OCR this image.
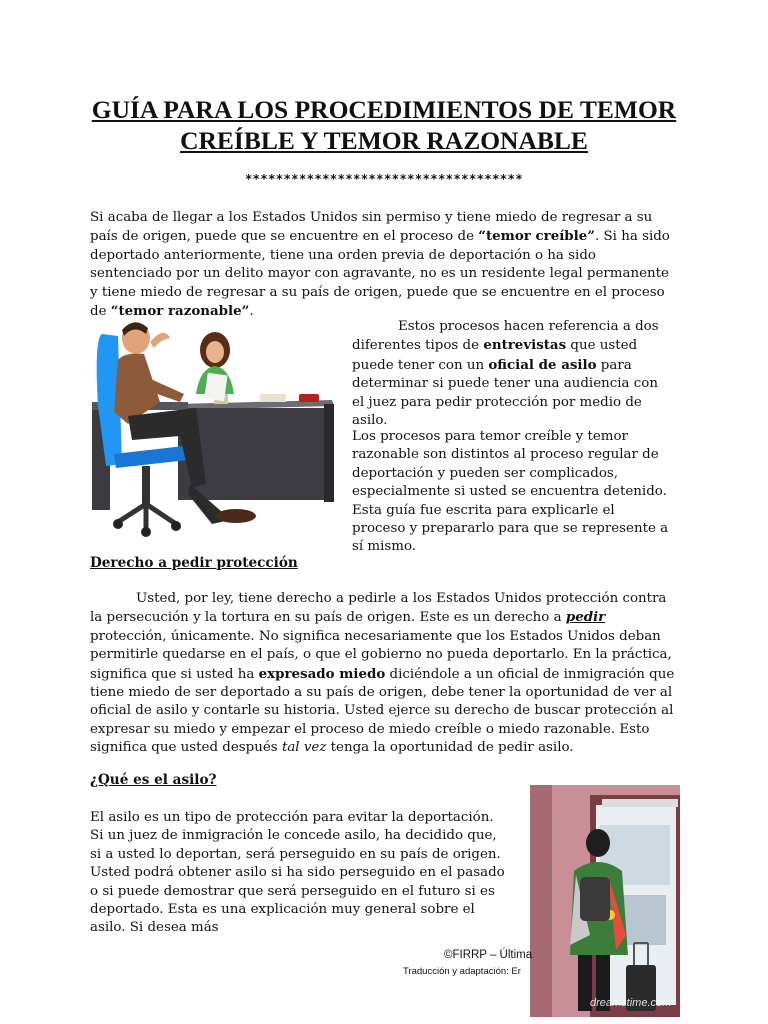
GUÍA PARA LOS PROCEDIMIENTOS DE TEMOR CREÍBLE Y TEMOR RAZONABLE
************************************

Si acaba de llegar a los Estados Unidos sin permiso y tiene miedo de regresar a su país de origen, puede que se encuentre en el proceso de “temor creíble”. Si ha sido deportado anteriormente, tiene una orden previa de deportación o ha sido sentenciado por un delito mayor con agravante, no es un residente legal permanente y tiene miedo de regresar a su país de origen, puede que se encuentre en el proceso de “temor razonable”.

Estos procesos hacen referencia a dos diferentes tipos de entrevistas que usted puede tener con un oficial de asilo para determinar si puede tener una audiencia con el juez para pedir protección por medio de asilo.

Los procesos para temor creíble y temor razonable son distintos al proceso regular de deportación y pueden ser complicados, especialmente si usted se encuentra detenido. Esta guía fue escrita para explicarle el proceso y prepararlo para que se represente a sí mismo.

Derecho a pedir protección

Usted, por ley, tiene derecho a pedirle a los Estados Unidos protección contra la persecución y la tortura en su país de origen. Este es un derecho a pedir protección, únicamente. No significa necesariamente que los Estados Unidos deban permitirle quedarse en el país, o que el gobierno no pueda deportarlo. En la práctica, significa que si usted ha expresado miedo diciéndole a un oficial de inmigración que tiene miedo de ser deportado a su país de origen, debe tener la oportunidad de ver al oficial de asilo y contarle su historia. Usted ejerce su derecho de buscar protección al expresar su miedo y empezar el proceso de miedo creíble o miedo razonable. Esto significa que usted después tal vez tenga la oportunidad de pedir asilo.

¿Qué es el asilo?

El asilo es un tipo de protección para evitar la deportación. Si un juez de inmigración le concede asilo, ha decidido que, si a usted lo deportan, será perseguido en su país de origen. Usted podrá obtener asilo si ha sido perseguido en el pasado o si puede demostrar que será perseguido en el futuro si es deportado. Esta es una explicación muy general sobre el asilo. Si desea más

dreamstime.com
©FIRRP – Última
Traducción y adaptación: Er
